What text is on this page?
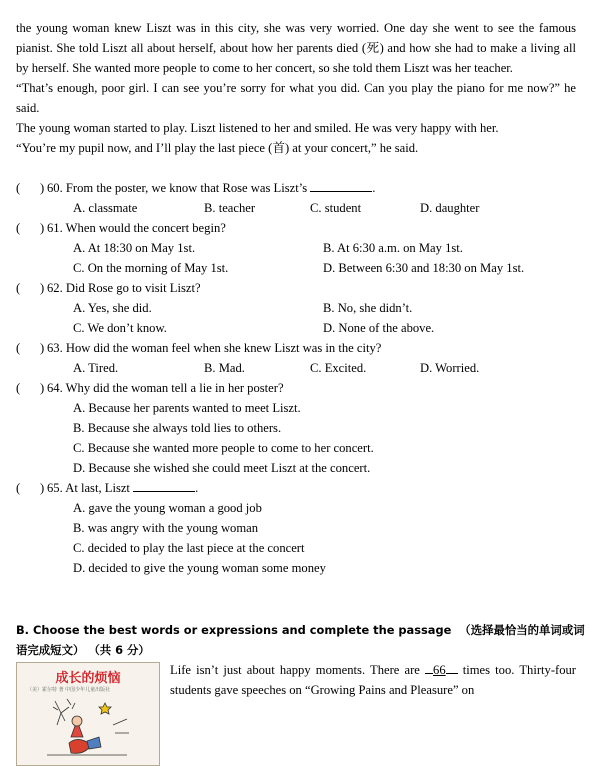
the young woman knew Liszt was in this city, she was very worried. One day she went to see the famous pianist. She told Liszt all about herself, about how her parents died (死) and how she had to make a living all by herself. She wanted more people to come to her concert, so she told them Liszt was her teacher.

“That’s enough, poor girl. I can see you’re sorry for what you did. Can you play the piano for me now?” he said.

The young woman started to play. Liszt listened to her and smiled. He was very happy with her.

“You’re my pupil now, and I’ll play the last piece (首) at your concert,” he said.

( ) 60. From the poster, we know that Rose was Liszt’s	.
A. classmate	B. teacher	C. student	D. daughter
( ) 61. When would the concert begin?
A. At 18:30 on May 1st.	B. At 6:30 a.m. on May 1st.
C. On the morning of May 1st.	D. Between 6:30 and 18:30 on May 1st.
( ) 62. Did Rose go to visit Liszt?
A. Yes, she did.	B. No, she didn’t.
C. We don’t know.	D. None of the above.
( ) 63. How did the woman feel when she knew Liszt was in the city?
A. Tired.	B. Mad.	C. Excited.	D. Worried.
( ) 64. Why did the woman tell a lie in her poster?
A. Because her parents wanted to meet Liszt.
B. Because she always told lies to others.
C. Because she wanted more people to come to her concert.
D. Because she wished she could meet Liszt at the concert.
( ) 65. At last, Liszt	.
A. gave the young woman a good job
B. was angry with the young woman
C. decided to play the last piece at the concert
D. decided to give the young woman some money
B. Choose the best words or expressions and complete the passage （选择最恰当的单词或词语完成短文） （共 6 分）
成长的烦恼
（美）霍尔特 著 中国少年儿童出版社
Life isn’t just about happy moments. There are 66 times too. Thirty-four students gave speeches on “Growing Pains and Pleasure” on
